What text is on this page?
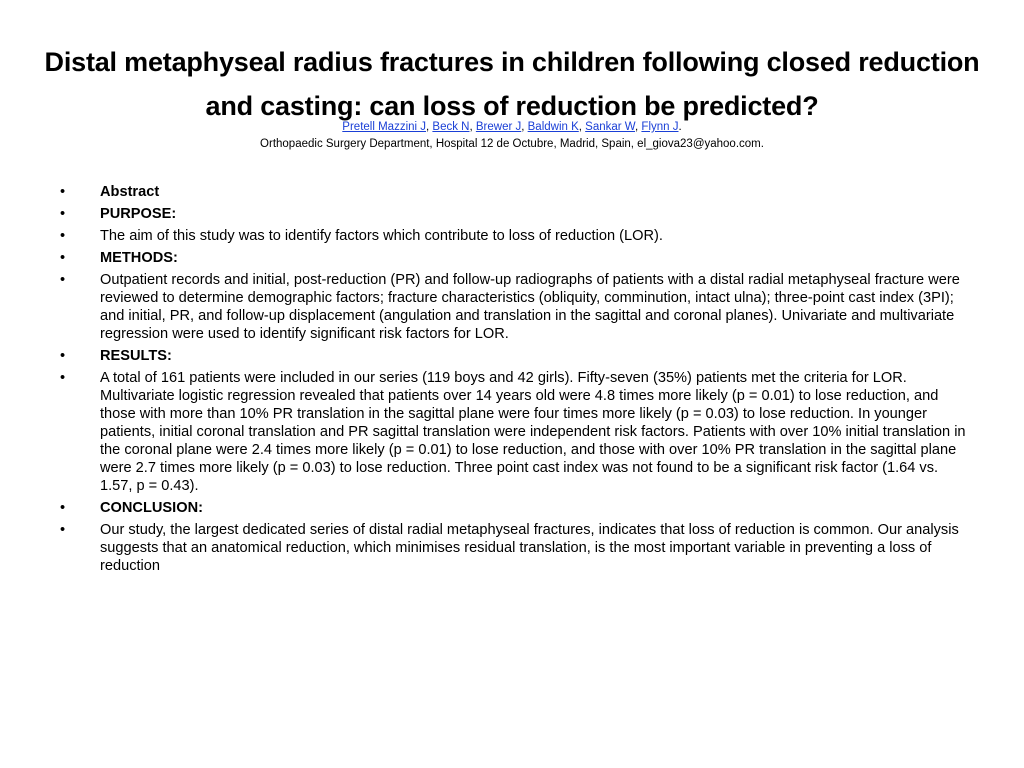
Distal metaphyseal radius fractures in children following closed reduction and casting: can loss of reduction be predicted?
Pretell Mazzini J, Beck N, Brewer J, Baldwin K, Sankar W, Flynn J.
Orthopaedic Surgery Department, Hospital 12 de Octubre, Madrid, Spain, el_giova23@yahoo.com.
•	Abstract
•	PURPOSE:
•	The aim of this study was to identify factors which contribute to loss of reduction (LOR).
•	METHODS:
•	Outpatient records and initial, post-reduction (PR) and follow-up radiographs of patients with a distal radial metaphyseal fracture were reviewed to determine demographic factors; fracture characteristics (obliquity, comminution, intact ulna); three-point cast index (3PI); and initial, PR, and follow-up displacement (angulation and translation in the sagittal and coronal planes). Univariate and multivariate regression were used to identify significant risk factors for LOR.
•	RESULTS:
•	A total of 161 patients were included in our series (119 boys and 42 girls). Fifty-seven (35%) patients met the criteria for LOR. Multivariate logistic regression revealed that patients over 14 years old were 4.8 times more likely (p = 0.01) to lose reduction, and those with more than 10% PR translation in the sagittal plane were four times more likely (p = 0.03) to lose reduction. In younger patients, initial coronal translation and PR sagittal translation were independent risk factors. Patients with over 10% initial translation in the coronal plane were 2.4 times more likely (p = 0.01) to lose reduction, and those with over 10% PR translation in the sagittal plane were 2.7 times more likely (p = 0.03) to lose reduction. Three point cast index was not found to be a significant risk factor (1.64 vs. 1.57, p = 0.43).
•	CONCLUSION:
•	Our study, the largest dedicated series of distal radial metaphyseal fractures, indicates that loss of reduction is common. Our analysis suggests that an anatomical reduction, which minimises residual translation, is the most important variable in preventing a loss of reduction
